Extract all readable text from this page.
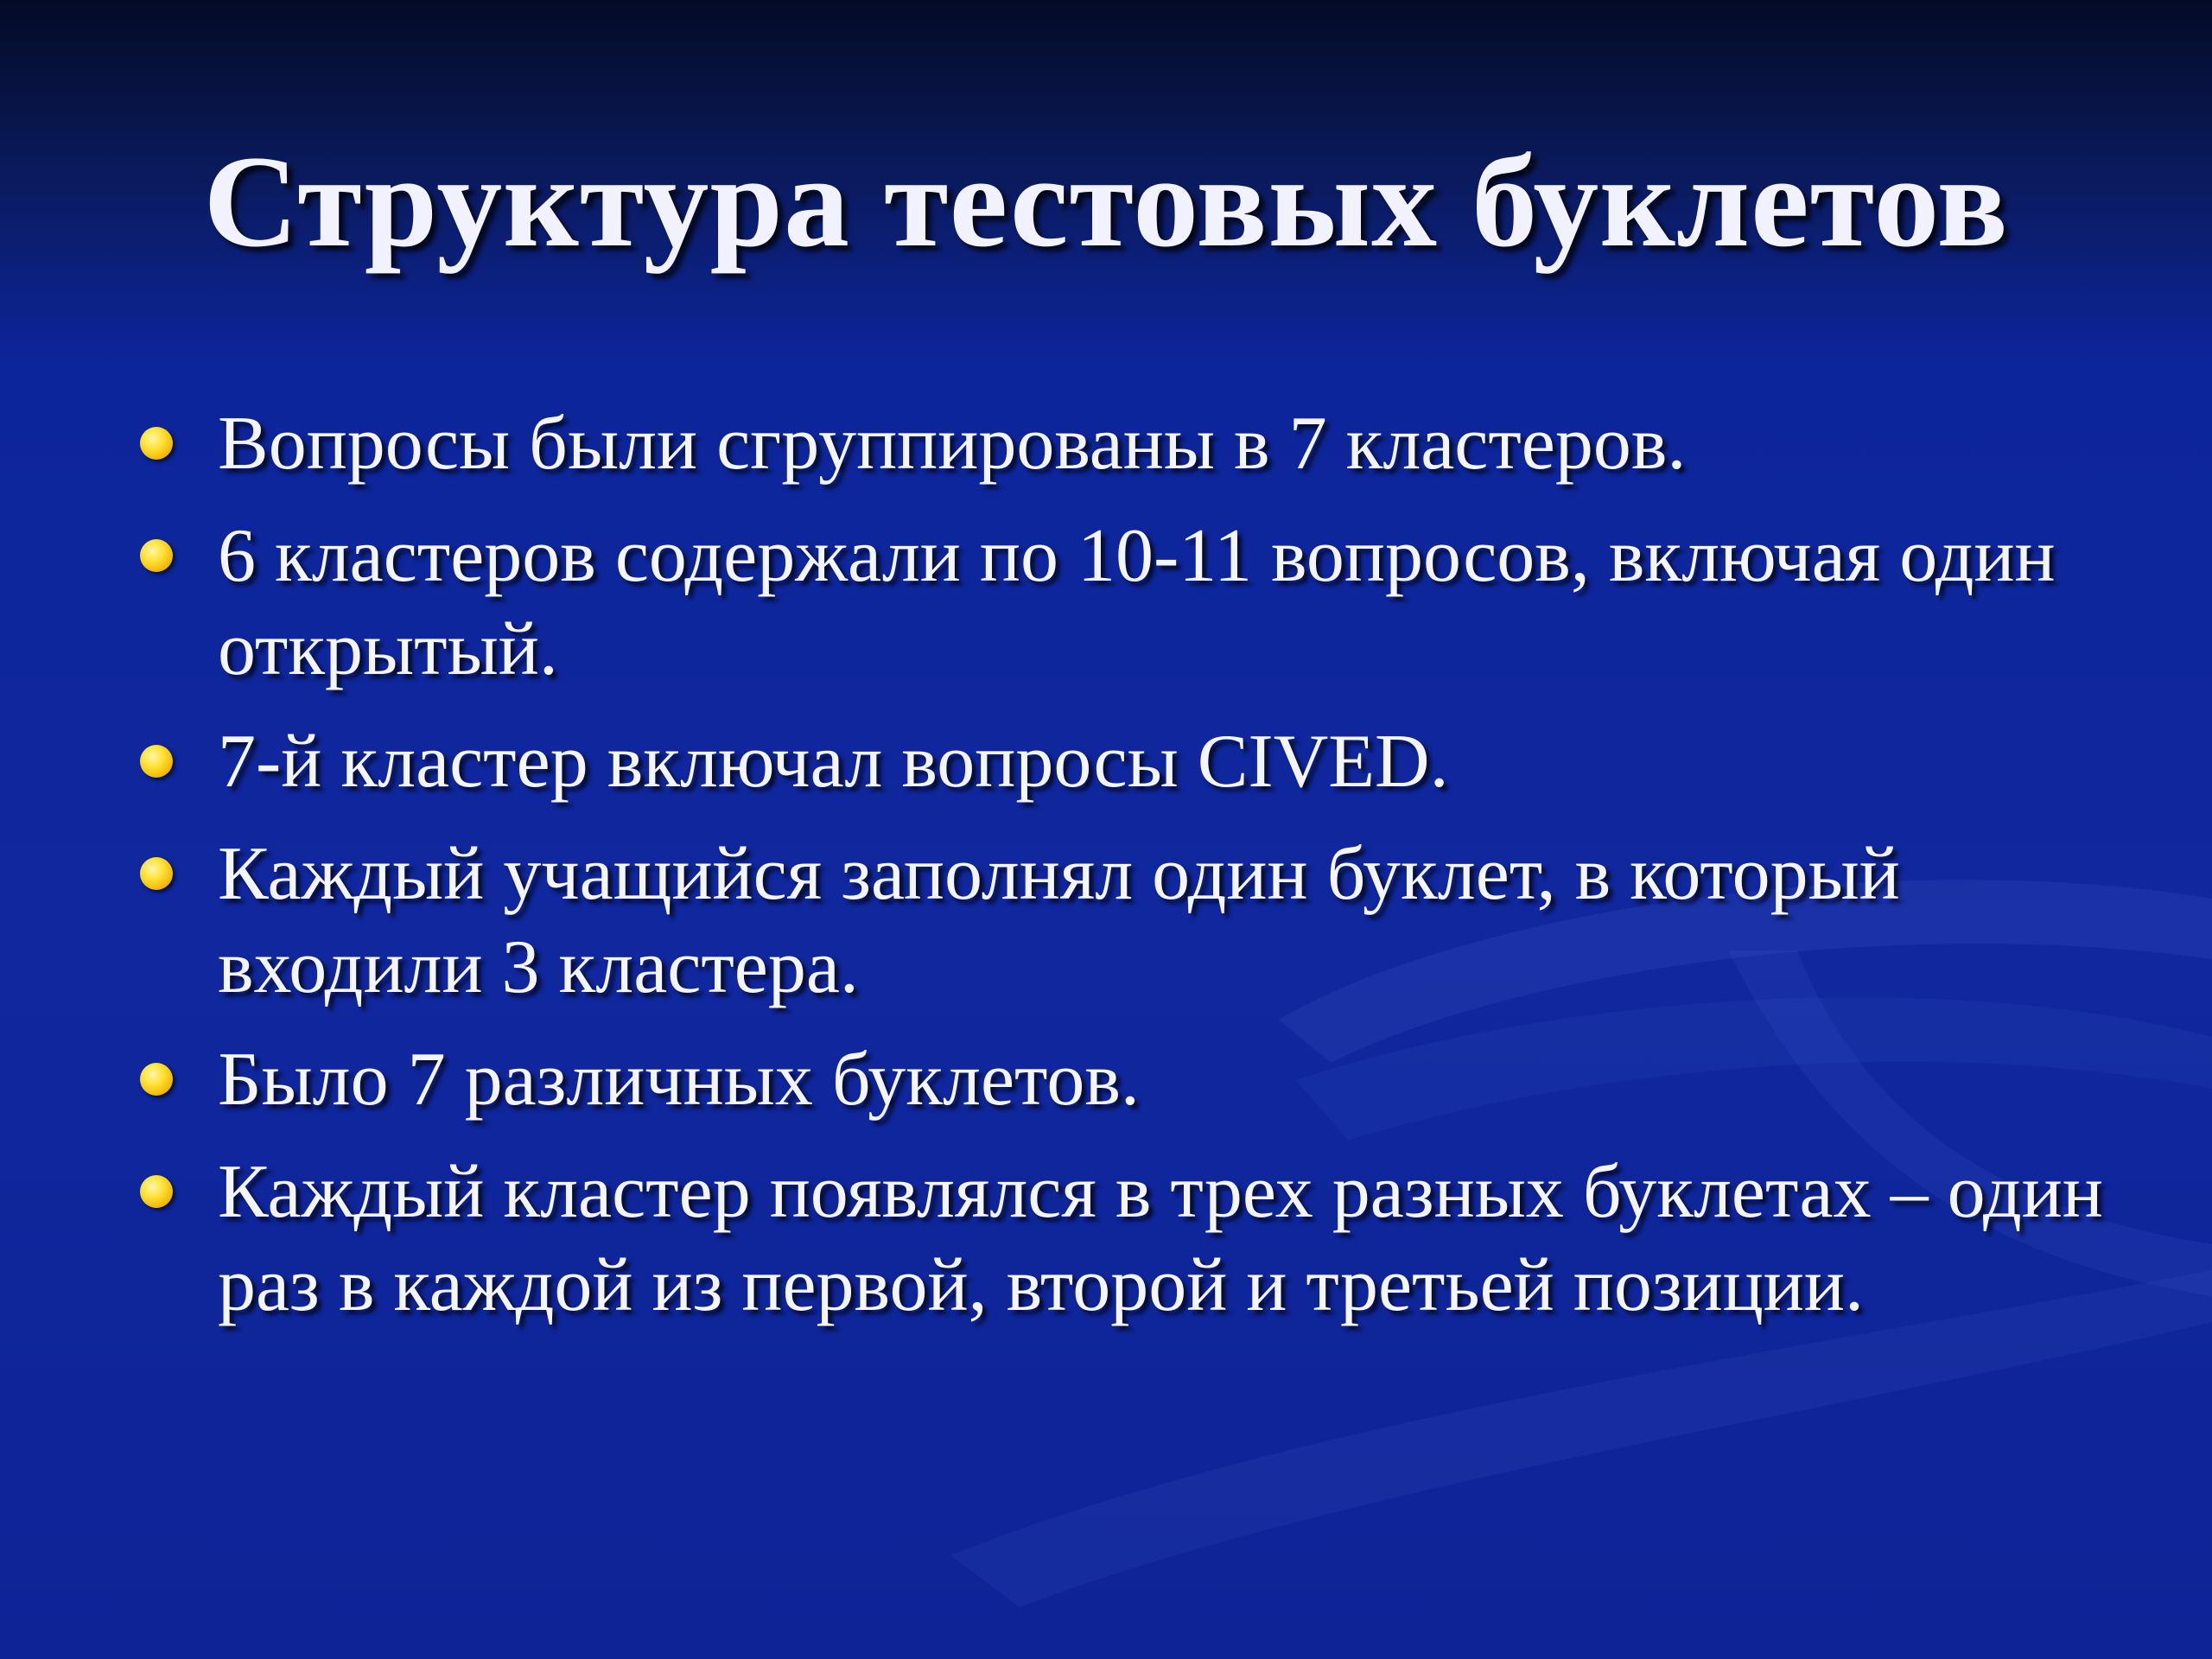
Структура тестовых буклетов
Вопросы были сгруппированы в 7 кластеров.
6 кластеров содержали по 10-11 вопросов, включая один открытый.
7-й кластер включал вопросы CIVED.
Каждый учащийся заполнял один буклет, в который входили 3 кластера.
Было 7 различных буклетов.
Каждый кластер появлялся в трех разных буклетах – один раз в каждой из первой, второй и третьей позиции.
